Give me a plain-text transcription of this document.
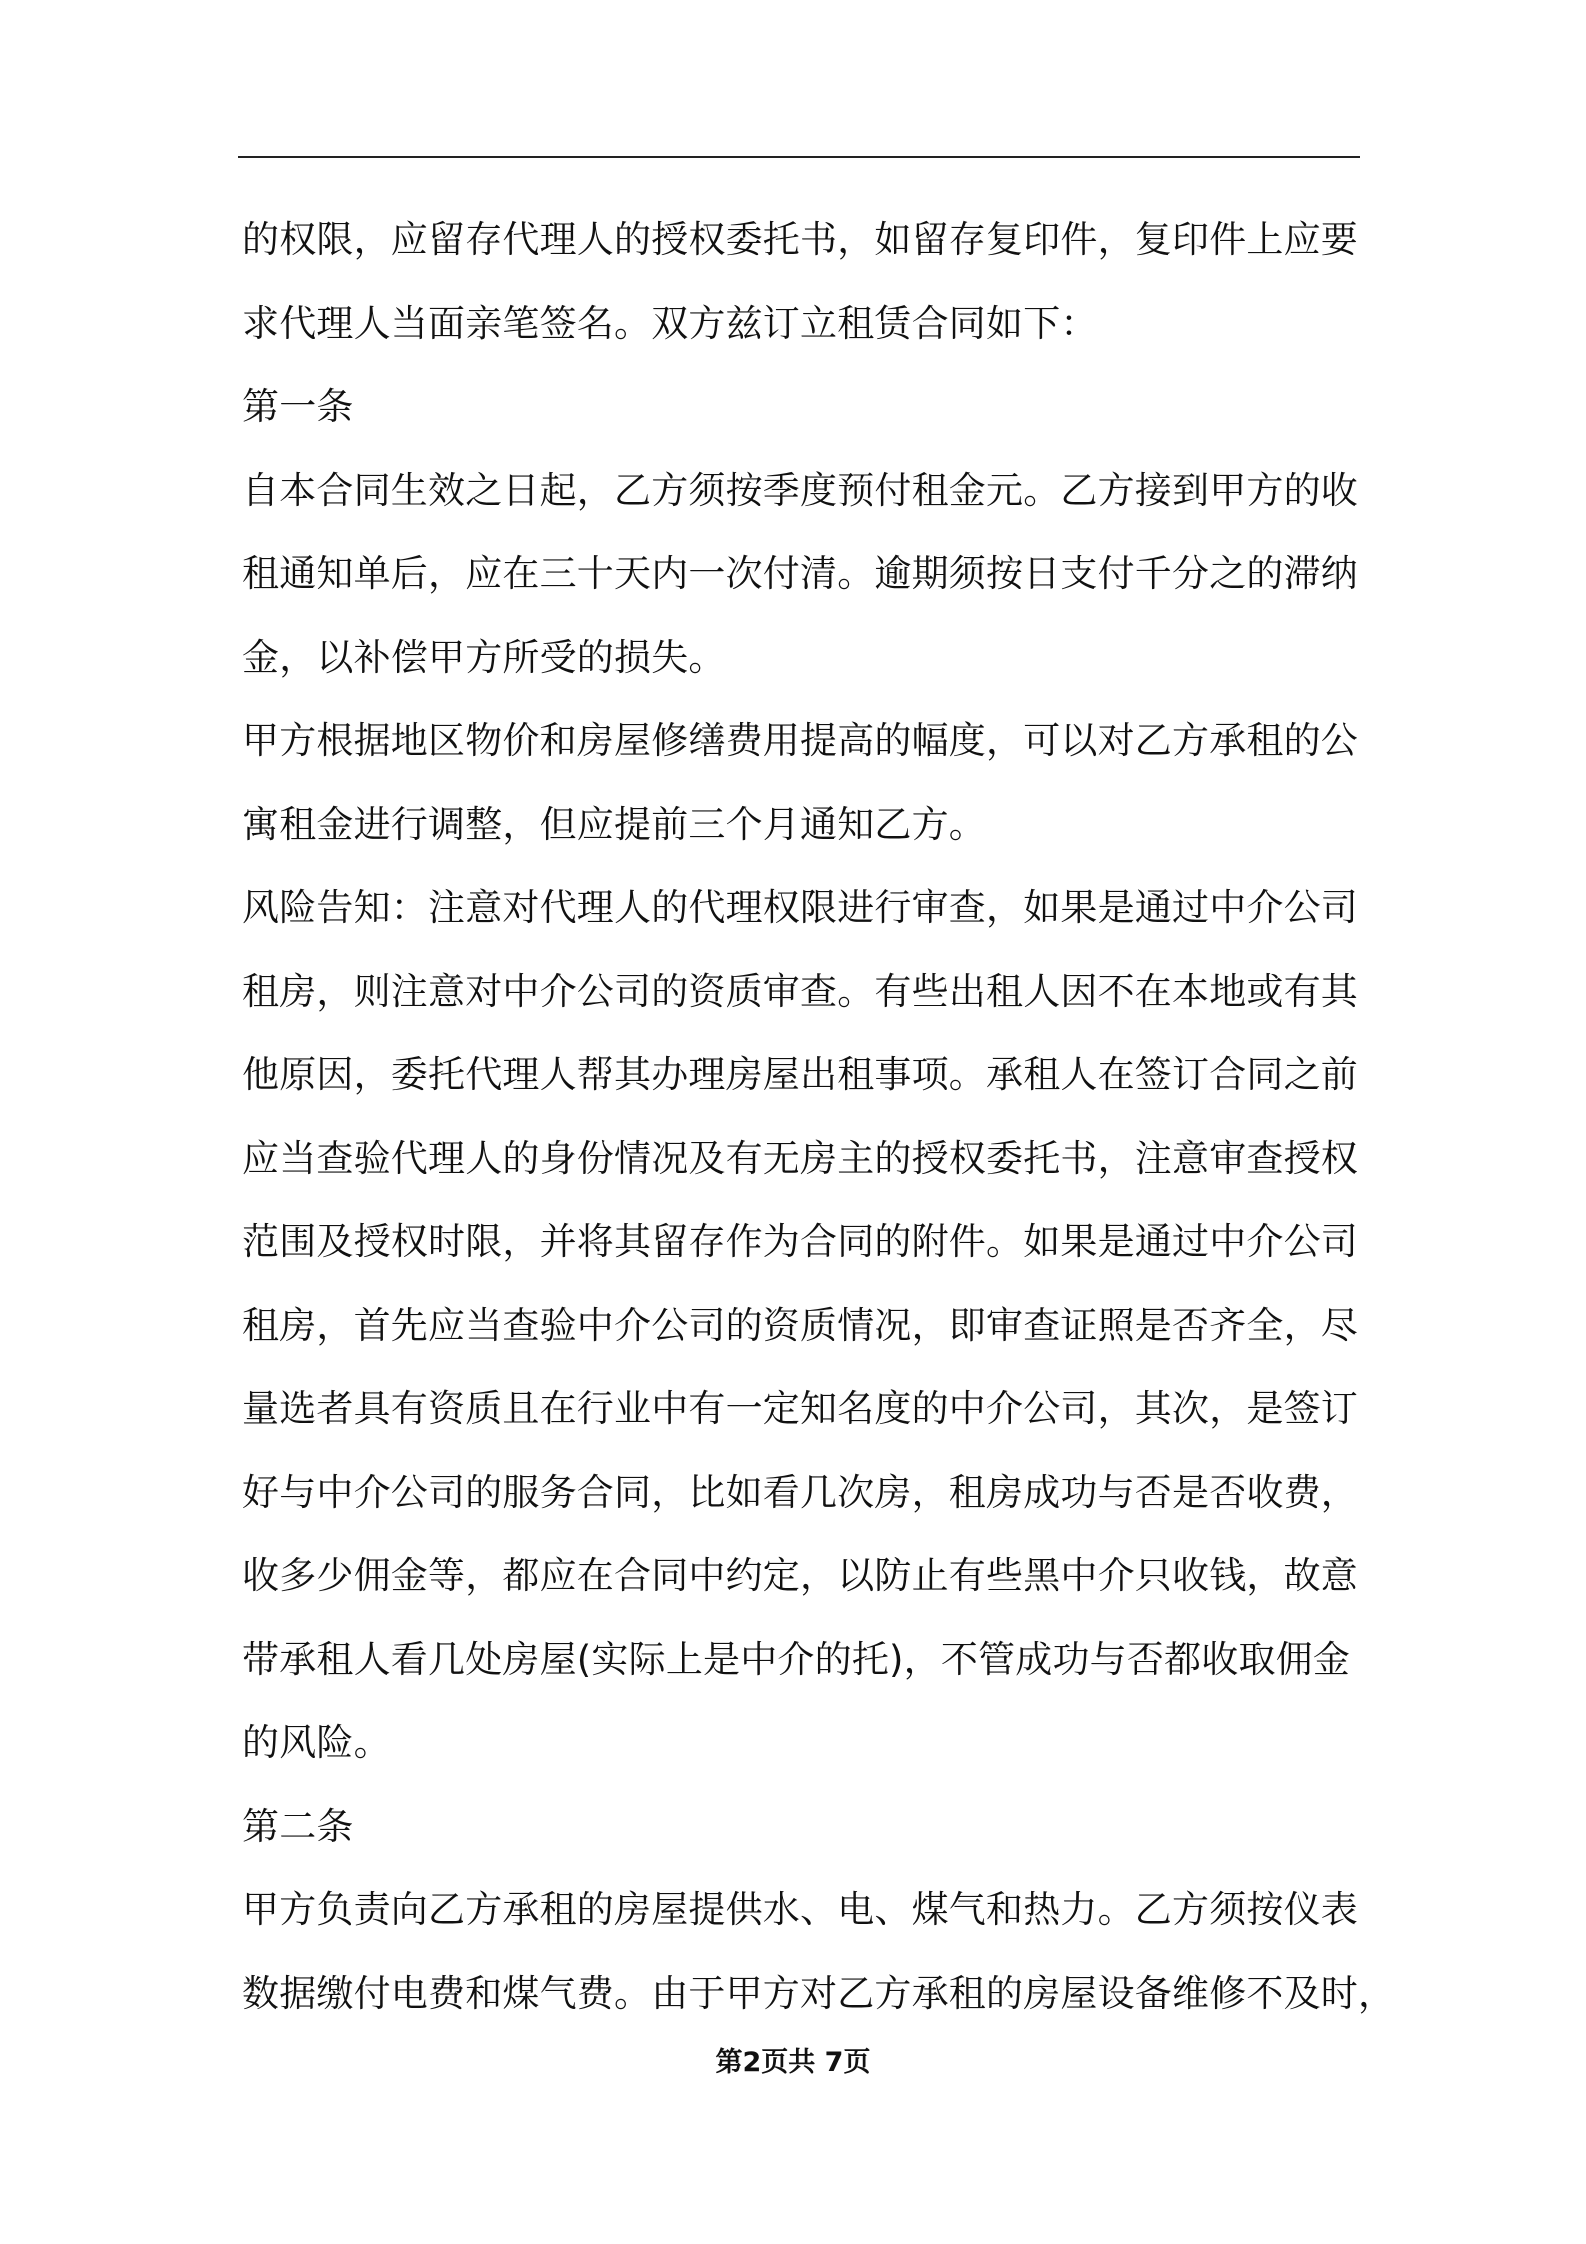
的权限，应留存代理人的授权委托书，如留存复印件，复印件上应要
求代理人当面亲笔签名。双方兹订立租赁合同如下：
第一条
自本合同生效之日起，乙方须按季度预付租金元。乙方接到甲方的收
租通知单后，应在三十天内一次付清。逾期须按日支付千分之的滞纳
金，以补偿甲方所受的损失。
甲方根据地区物价和房屋修缮费用提高的幅度，可以对乙方承租的公
寓租金进行调整，但应提前三个月通知乙方。
风险告知：注意对代理人的代理权限进行审查，如果是通过中介公司
租房，则注意对中介公司的资质审查。有些出租人因不在本地或有其
他原因，委托代理人帮其办理房屋出租事项。承租人在签订合同之前
应当查验代理人的身份情况及有无房主的授权委托书，注意审查授权
范围及授权时限，并将其留存作为合同的附件。如果是通过中介公司
租房，首先应当查验中介公司的资质情况，即审查证照是否齐全，尽
量选者具有资质且在行业中有一定知名度的中介公司，其次，是签订
好与中介公司的服务合同，比如看几次房，租房成功与否是否收费，
收多少佣金等，都应在合同中约定，以防止有些黑中介只收钱，故意
带承租人看几处房屋(实际上是中介的托)，不管成功与否都收取佣金
的风险。
第二条
甲方负责向乙方承租的房屋提供水、电、煤气和热力。乙方须按仪表
数据缴付电费和煤气费。由于甲方对乙方承租的房屋设备维修不及时，
第2页共 7页
